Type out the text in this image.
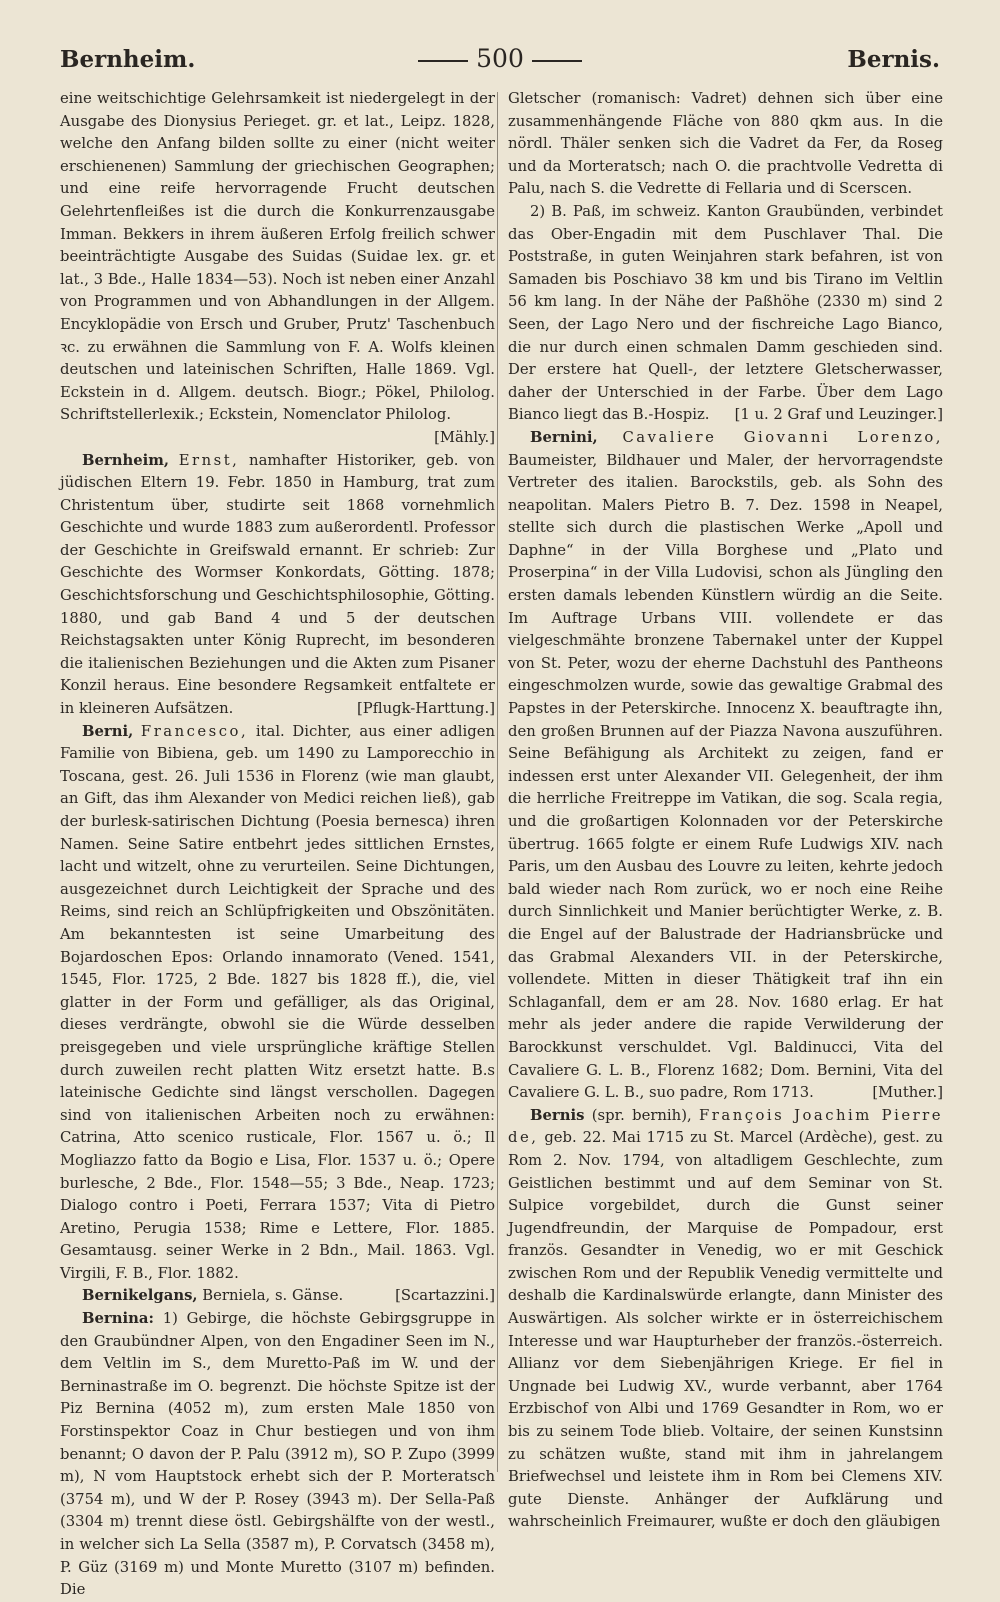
Bernheim.	500	Bernis.

eine weitschichtige Gelehrsamkeit ist niedergelegt in der Ausgabe des Dionysius Perieget. gr. et lat., Leipz. 1828, welche den Anfang bilden sollte zu einer (nicht weiter erschienenen) Sammlung der griechischen Geographen; und eine reife hervorragende Frucht deutschen Gelehrtenfleißes ist die durch die Konkurrenzausgabe Imman. Bekkers in ihrem äußeren Erfolg freilich schwer beeinträchtigte Ausgabe des Suidas (Suidae lex. gr. et lat., 3 Bde., Halle 1834—53). Noch ist neben einer Anzahl von Programmen und von Abhandlungen in der Allgem. Encyklopädie von Ersch und Gruber, Prutz' Taschenbuch ꝛc. zu erwähnen die Sammlung von F. A. Wolfs kleinen deutschen und lateinischen Schriften, Halle 1869. Vgl. Eckstein in d. Allgem. deutsch. Biogr.; Pökel, Philolog. Schriftstellerlexik.; Eckstein, Nomenclator Philolog.
[Mähly.]

Bernheim, Ernst, namhafter Historiker, geb. von jüdischen Eltern 19. Febr. 1850 in Hamburg, trat zum Christentum über, studirte seit 1868 vornehmlich Geschichte und wurde 1883 zum außerordentl. Professor der Geschichte in Greifswald ernannt. Er schrieb: Zur Geschichte des Wormser Konkordats, Götting. 1878; Geschichtsforschung und Geschichtsphilosophie, Götting. 1880, und gab Band 4 und 5 der deutschen Reichstagsakten unter König Ruprecht, im besonderen die italienischen Beziehungen und die Akten zum Pisaner Konzil heraus. Eine besondere Regsamkeit entfaltete er in kleineren Aufsätzen.	[Pflugk-Harttung.]

Berni, Francesco, ital. Dichter, aus einer adligen Familie von Bibiena, geb. um 1490 zu Lamporecchio in Toscana, gest. 26. Juli 1536 in Florenz (wie man glaubt, an Gift, das ihm Alexander von Medici reichen ließ), gab der burlesk-satirischen Dichtung (Poesia bernesca) ihren Namen. Seine Satire entbehrt jedes sittlichen Ernstes, lacht und witzelt, ohne zu verurteilen. Seine Dichtungen, ausgezeichnet durch Leichtigkeit der Sprache und des Reims, sind reich an Schlüpfrigkeiten und Obszönitäten. Am bekanntesten ist seine Umarbeitung des Bojardoschen Epos: Orlando innamorato (Vened. 1541, 1545, Flor. 1725, 2 Bde. 1827 bis 1828 ff.), die, viel glatter in der Form und gefälliger, als das Original, dieses verdrängte, obwohl sie die Würde desselben preisgegeben und viele ursprüngliche kräftige Stellen durch zuweilen recht platten Witz ersetzt hatte. B.s lateinische Gedichte sind längst verschollen. Dagegen sind von italienischen Arbeiten noch zu erwähnen: Catrina, Atto scenico rusticale, Flor. 1567 u. ö.; Il Mogliazzo fatto da Bogio e Lisa, Flor. 1537 u. ö.; Opere burlesche, 2 Bde., Flor. 1548—55; 3 Bde., Neap. 1723; Dialogo contro i Poeti, Ferrara 1537; Vita di Pietro Aretino, Perugia 1538; Rime e Lettere, Flor. 1885. Gesamtausg. seiner Werke in 2 Bdn., Mail. 1863. Vgl. Virgili, F. B., Flor. 1882.

Bernikelgans, Berniela, s. Gänse.	[Scartazzini.]

Bernina: 1) Gebirge, die höchste Gebirgsgruppe in den Graubündner Alpen, von den Engadiner Seen im N., dem Veltlin im S., dem Muretto-Paß im W. und der Berninastraße im O. begrenzt. Die höchste Spitze ist der Piz Bernina (4052 m), zum ersten Male 1850 von Forstinspektor Coaz in Chur bestiegen und von ihm benannt; O davon der P. Palu (3912 m), SO P. Zupo (3999 m), N vom Hauptstock erhebt sich der P. Morteratsch (3754 m), und W der P. Rosey (3943 m). Der Sella-Paß (3304 m) trennt diese östl. Gebirgshälfte von der westl., in welcher sich La Sella (3587 m), P. Corvatsch (3458 m), P. Güz (3169 m) und Monte Muretto (3107 m) befinden. Die

Gletscher (romanisch: Vadret) dehnen sich über eine zusammenhängende Fläche von 880 qkm aus. In die nördl. Thäler senken sich die Vadret da Fer, da Roseg und da Morteratsch; nach O. die prachtvolle Vedretta di Palu, nach S. die Vedrette di Fellaria und di Scerscen.

2) B. Paß, im schweiz. Kanton Graubünden, verbindet das Ober-Engadin mit dem Puschlaver Thal. Die Poststraße, in guten Weinjahren stark befahren, ist von Samaden bis Poschiavo 38 km und bis Tirano im Veltlin 56 km lang. In der Nähe der Paßhöhe (2330 m) sind 2 Seen, der Lago Nero und der fischreiche Lago Bianco, die nur durch einen schmalen Damm geschieden sind. Der erstere hat Quell-, der letztere Gletscherwasser, daher der Unterschied in der Farbe. Über dem Lago Bianco liegt das B.-Hospiz.	[1 u. 2 Graf und Leuzinger.]

Bernini, Cavaliere Giovanni Lorenzo, Baumeister, Bildhauer und Maler, der hervorragendste Vertreter des italien. Barockstils, geb. als Sohn des neapolitan. Malers Pietro B. 7. Dez. 1598 in Neapel, stellte sich durch die plastischen Werke „Apoll und Daphne“ in der Villa Borghese und „Plato und Proserpina“ in der Villa Ludovisi, schon als Jüngling den ersten damals lebenden Künstlern würdig an die Seite. Im Auftrage Urbans VIII. vollendete er das vielgeschmähte bronzene Tabernakel unter der Kuppel von St. Peter, wozu der eherne Dachstuhl des Pantheons eingeschmolzen wurde, sowie das gewaltige Grabmal des Papstes in der Peterskirche. Innocenz X. beauftragte ihn, den großen Brunnen auf der Piazza Navona auszuführen. Seine Befähigung als Architekt zu zeigen, fand er indessen erst unter Alexander VII. Gelegenheit, der ihm die herrliche Freitreppe im Vatikan, die sog. Scala regia, und die großartigen Kolonnaden vor der Peterskirche übertrug. 1665 folgte er einem Rufe Ludwigs XIV. nach Paris, um den Ausbau des Louvre zu leiten, kehrte jedoch bald wieder nach Rom zurück, wo er noch eine Reihe durch Sinnlichkeit und Manier berüchtigter Werke, z. B. die Engel auf der Balustrade der Hadriansbrücke und das Grabmal Alexanders VII. in der Peterskirche, vollendete. Mitten in dieser Thätigkeit traf ihn ein Schlaganfall, dem er am 28. Nov. 1680 erlag. Er hat mehr als jeder andere die rapide Verwilderung der Barockkunst verschuldet. Vgl. Baldinucci, Vita del Cavaliere G. L. B., Florenz 1682; Dom. Bernini, Vita del Cavaliere G. L. B., suo padre, Rom 1713.	[Muther.]

Bernis (spr. bernih), François Joachim Pierre de, geb. 22. Mai 1715 zu St. Marcel (Ardèche), gest. zu Rom 2. Nov. 1794, von altadligem Geschlechte, zum Geistlichen bestimmt und auf dem Seminar von St. Sulpice vorgebildet, durch die Gunst seiner Jugendfreundin, der Marquise de Pompadour, erst französ. Gesandter in Venedig, wo er mit Geschick zwischen Rom und der Republik Venedig vermittelte und deshalb die Kardinalswürde erlangte, dann Minister des Auswärtigen. Als solcher wirkte er in österreichischem Interesse und war Haupturheber der französ.-österreich. Allianz vor dem Siebenjährigen Kriege. Er fiel in Ungnade bei Ludwig XV., wurde verbannt, aber 1764 Erzbischof von Albi und 1769 Gesandter in Rom, wo er bis zu seinem Tode blieb. Voltaire, der seinen Kunstsinn zu schätzen wußte, stand mit ihm in jahrelangem Briefwechsel und leistete ihm in Rom bei Clemens XIV. gute Dienste. Anhänger der Aufklärung und wahrscheinlich Freimaurer, wußte er doch den gläubigen
